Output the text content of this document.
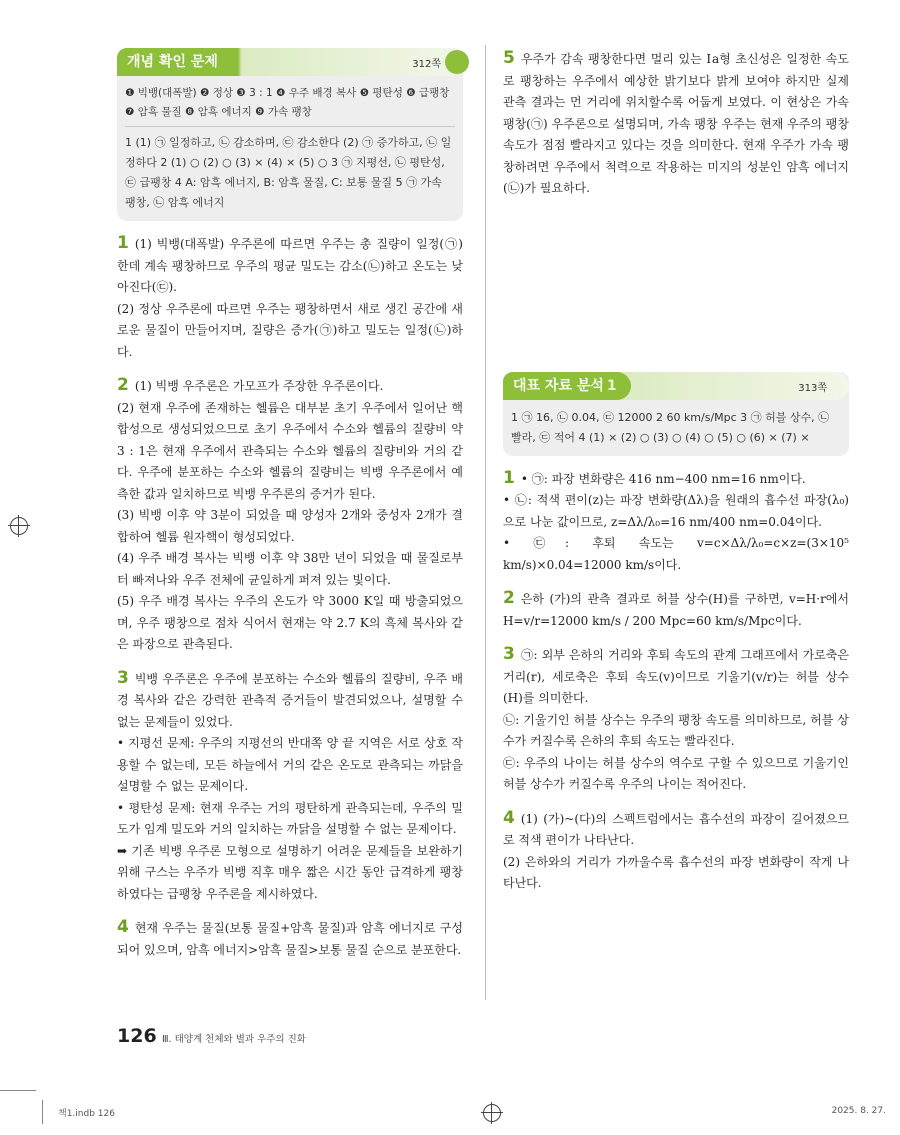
개념 확인 문제	312쪽
❶ 빅뱅(대폭발) ❷ 정상 ❸ 3 : 1 ❹ 우주 배경 복사 ❺ 평탄성 ❻ 급팽창 ❼ 암흑 물질 ❽ 암흑 에너지 ❾ 가속 팽창
1 (1) ㉠ 일정하고, ㉡ 감소하며, ㉢ 감소한다 (2) ㉠ 증가하고, ㉡ 일정하다 2 (1) ○ (2) ○ (3) × (4) × (5) ○ 3 ㉠ 지평선, ㉡ 평탄성, ㉢ 급팽창 4 A: 암흑 에너지, B: 암흑 물질, C: 보통 물질 5 ㉠ 가속 팽창, ㉡ 암흑 에너지

1 (1) 빅뱅(대폭발) 우주론에 따르면 우주는 총 질량이 일정(㉠)한데 계속 팽창하므로 우주의 평균 밀도는 감소(㉡)하고 온도는 낮아진다(㉢).

(2) 정상 우주론에 따르면 우주는 팽창하면서 새로 생긴 공간에 새로운 물질이 만들어지며, 질량은 증가(㉠)하고 밀도는 일정(㉡)하다.

2 (1) 빅뱅 우주론은 가모프가 주장한 우주론이다.

(2) 현재 우주에 존재하는 헬륨은 대부분 초기 우주에서 일어난 핵합성으로 생성되었으므로 초기 우주에서 수소와 헬륨의 질량비 약 3 : 1은 현재 우주에서 관측되는 수소와 헬륨의 질량비와 거의 같다. 우주에 분포하는 수소와 헬륨의 질량비는 빅뱅 우주론에서 예측한 값과 일치하므로 빅뱅 우주론의 증거가 된다.

(3) 빅뱅 이후 약 3분이 되었을 때 양성자 2개와 중성자 2개가 결합하여 헬륨 원자핵이 형성되었다.

(4) 우주 배경 복사는 빅뱅 이후 약 38만 년이 되었을 때 물질로부터 빠져나와 우주 전체에 균일하게 퍼져 있는 빛이다.

(5) 우주 배경 복사는 우주의 온도가 약 3000 K일 때 방출되었으며, 우주 팽창으로 점차 식어서 현재는 약 2.7 K의 흑체 복사와 같은 파장으로 관측된다.

3 빅뱅 우주론은 우주에 분포하는 수소와 헬륨의 질량비, 우주 배경 복사와 같은 강력한 관측적 증거들이 발견되었으나, 설명할 수 없는 문제들이 있었다.

• 지평선 문제: 우주의 지평선의 반대쪽 양 끝 지역은 서로 상호 작용할 수 없는데, 모든 하늘에서 거의 같은 온도로 관측되는 까닭을 설명할 수 없는 문제이다.

• 평탄성 문제: 현재 우주는 거의 평탄하게 관측되는데, 우주의 밀도가 임계 밀도와 거의 일치하는 까닭을 설명할 수 없는 문제이다.

➡ 기존 빅뱅 우주론 모형으로 설명하기 어려운 문제들을 보완하기 위해 구스는 우주가 빅뱅 직후 매우 짧은 시간 동안 급격하게 팽창하였다는 급팽창 우주론을 제시하였다.

4 현재 우주는 물질(보통 물질+암흑 물질)과 암흑 에너지로 구성되어 있으며, 암흑 에너지>암흑 물질>보통 물질 순으로 분포한다.

5 우주가 감속 팽창한다면 멀리 있는 Ⅰa형 초신성은 일정한 속도로 팽창하는 우주에서 예상한 밝기보다 밝게 보여야 하지만 실제 관측 결과는 먼 거리에 위치할수록 어둡게 보였다. 이 현상은 가속 팽창(㉠) 우주론으로 설명되며, 가속 팽창 우주는 현재 우주의 팽창 속도가 점점 빨라지고 있다는 것을 의미한다. 현재 우주가 가속 팽창하려면 우주에서 척력으로 작용하는 미지의 성분인 암흑 에너지(㉡)가 필요하다.

대표 자료 분석 1	313쪽
1 ㉠ 16, ㉡ 0.04, ㉢ 12000 2 60 km/s/Mpc 3 ㉠ 허블 상수, ㉡ 빨라, ㉢ 적어 4 (1) × (2) ○ (3) ○ (4) ○ (5) ○ (6) × (7) ×

1 • ㉠: 파장 변화량은 416 nm−400 nm=16 nm이다.

• ㉡: 적색 편이(z)는 파장 변화량(Δλ)을 원래의 흡수선 파장(λ₀)으로 나눈 값이므로, z=Δλ/λ₀=16 nm/400 nm=0.04이다.

• ㉢: 후퇴 속도는 v=c×Δλ/λ₀=c×z=(3×10⁵ km/s)×0.04=12000 km/s이다.

2 은하 (가)의 관측 결과로 허블 상수(H)를 구하면, v=H·r에서 H=v/r=12000 km/s / 200 Mpc=60 km/s/Mpc이다.

3 ㉠: 외부 은하의 거리와 후퇴 속도의 관계 그래프에서 가로축은 거리(r), 세로축은 후퇴 속도(v)이므로 기울기(v/r)는 허블 상수(H)를 의미한다.

㉡: 기울기인 허블 상수는 우주의 팽창 속도를 의미하므로, 허블 상수가 커질수록 은하의 후퇴 속도는 빨라진다.

㉢: 우주의 나이는 허블 상수의 역수로 구할 수 있으므로 기울기인 허블 상수가 커질수록 우주의 나이는 적어진다.

4 (1) (가)~(다)의 스펙트럼에서는 흡수선의 파장이 길어졌으므로 적색 편이가 나타난다.

(2) 은하와의 거리가 가까울수록 흡수선의 파장 변화량이 작게 나타난다.

126 Ⅲ. 태양계 천체와 별과 우주의 진화
책1.indb 126	2025. 8. 27.
